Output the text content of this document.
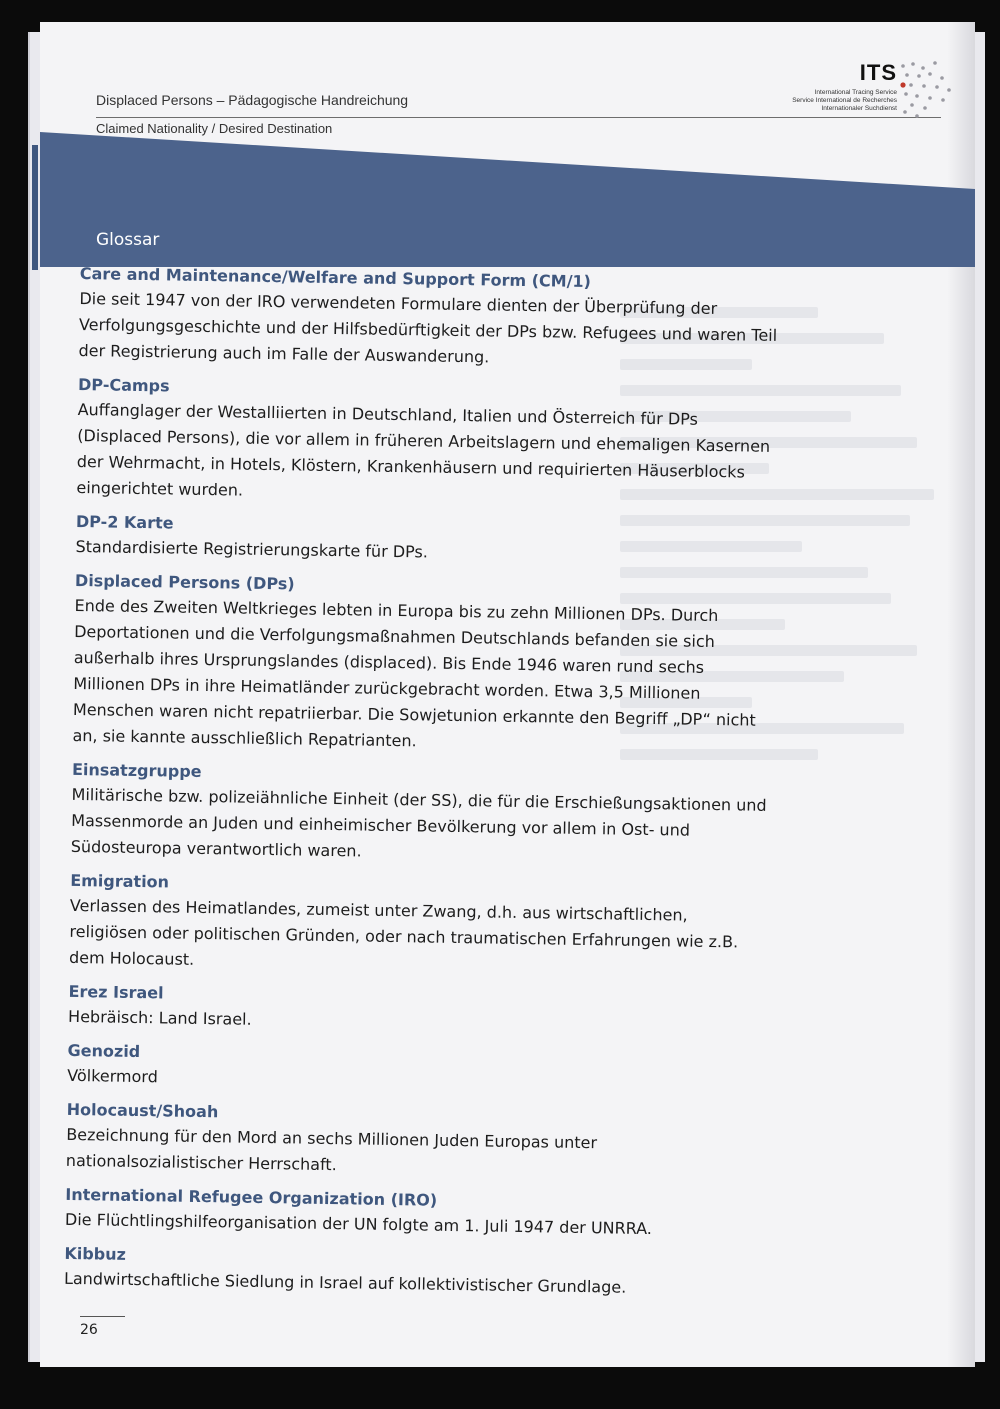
Displaced Persons – Pädagogische Handreichung
Claimed Nationality / Desired Destination
ITS
International Tracing Service
Service International de Recherches
Internationaler Suchdienst
Glossar
Care and Maintenance/Welfare and Support Form (CM/1)

Die seit 1947 von der IRO verwendeten Formulare dienten der Überprüfung der Verfolgungsgeschichte und der Hilfsbedürftigkeit der DPs bzw. Refugees und waren Teil der Registrierung auch im Falle der Auswanderung.

DP-Camps

Auffanglager der Westalliierten in Deutschland, Italien und Österreich für DPs (Displaced Persons), die vor allem in früheren Arbeitslagern und ehemaligen Kasernen der Wehrmacht, in Hotels, Klöstern, Krankenhäusern und requirierten Häuserblocks eingerichtet wurden.

DP-2 Karte

Standardisierte Registrierungskarte für DPs.

Displaced Persons (DPs)

Ende des Zweiten Weltkrieges lebten in Europa bis zu zehn Millionen DPs. Durch Deportationen und die Verfolgungsmaßnahmen Deutschlands befanden sie sich außerhalb ihres Ursprungslandes (displaced). Bis Ende 1946 waren rund sechs Millionen DPs in ihre Heimatländer zurückgebracht worden. Etwa 3,5 Millionen Menschen waren nicht repatriierbar. Die Sowjetunion erkannte den Begriff „DP“ nicht an, sie kannte ausschließlich Repatrianten.

Einsatzgruppe

Militärische bzw. polizeiähnliche Einheit (der SS), die für die Erschießungsaktionen und Massenmorde an Juden und einheimischer Bevölkerung vor allem in Ost- und Südosteuropa verantwortlich waren.

Emigration

Verlassen des Heimatlandes, zumeist unter Zwang, d.h. aus wirtschaftlichen, religiösen oder politischen Gründen, oder nach traumatischen Erfahrungen wie z.B. dem Holocaust.

Erez Israel

Hebräisch: Land Israel.

Genozid

Völkermord

Holocaust/Shoah

Bezeichnung für den Mord an sechs Millionen Juden Europas unter nationalsozialistischer Herrschaft.

International Refugee Organization (IRO)

Die Flüchtlingshilfeorganisation der UN folgte am 1. Juli 1947 der UNRRA.

Kibbuz

Landwirtschaftliche Siedlung in Israel auf kollektivistischer Grundlage.

26
